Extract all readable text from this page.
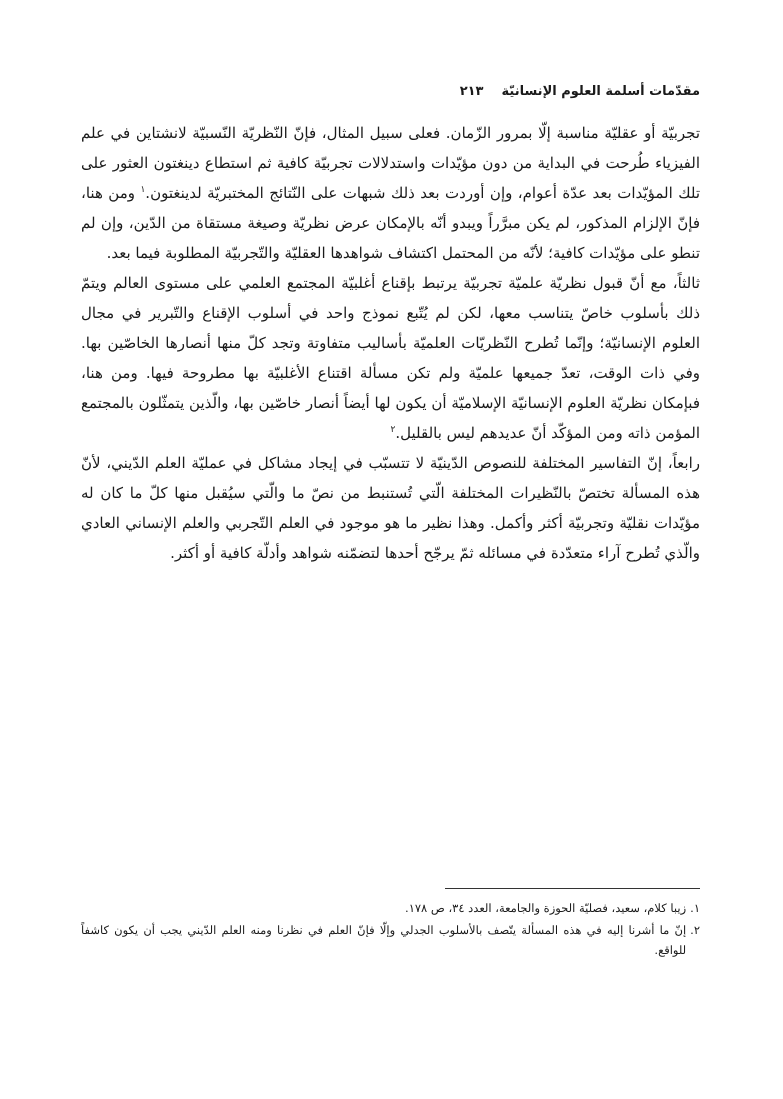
مقدّمات أسلمة العلوم الإنسانيّة
٢١٣

تجربيّة أو عقليّة مناسبة إلّا بمرور الزّمان. فعلى سبيل المثال، فإنّ النّظريّة النّسبيّة لانشتاين في علم الفيزياء طُرحت في البداية من دون مؤيّدات واستدلالات تجربيّة كافية ثم استطاع دينغتون العثور على تلك المؤيّدات بعد عدّة أعوام، وإن أوردت بعد ذلك شبهات على النّتائج المختبريّة لدينغتون.$^١$ ومن هنا، فإنّ الإلزام المذكور، لم يكن مبرَّراً ويبدو أنّه بالإمكان عرض نظريّة وصيغة مستقاة من الدّين، وإن لم تنطو على مؤيّدات كافية؛ لأنّه من المحتمل اكتشاف شواهدها العقليّة والتّجربيّة المطلوبة فيما بعد.

ثالثاً، مع أنّ قبول نظريّة علميّة تجربيّة يرتبط بإقناع أغلبيّة المجتمع العلمي على مستوى العالم ويتمّ ذلك بأسلوب خاصّ يتناسب معها، لكن لم يُتّبع نموذج واحد في أسلوب الإقناع والتّبرير في مجال العلوم الإنسانيّة؛ وإنّما تُطرح النّظريّات العلميّة بأساليب متفاوتة وتجد كلّ منها أنصارها الخاصّين بها. وفي ذات الوقت، تعدّ جميعها علميّة ولم تكن مسألة اقتناع الأغلبيّة بها مطروحة فيها. ومن هنا، فبإمكان نظريّة العلوم الإنسانيّة الإسلاميّة أن يكون لها أيضاً أنصار خاصّين بها، والّذين يتمثّلون بالمجتمع المؤمن ذاته ومن المؤكّد أنّ عديدهم ليس بالقليل.$^٢$

رابعاً، إنّ التفاسير المختلفة للنصوص الدّينيّة لا تتسبّب في إيجاد مشاكل في عمليّة العلم الدّيني، لأنّ هذه المسألة تختصّ بالنّظيرات المختلفة الّتي تُستنبط من نصّ ما والّتي سيُقبل منها كلّ ما كان له مؤيّدات نقليّة وتجربيّة أكثر وأكمل. وهذا نظير ما هو موجود في العلم التّجربي والعلم الإنساني العادي والّذي تُطرح آراء متعدّدة في مسائله ثمّ يرجّح أحدها لتضمّنه شواهد وأدلّة كافية أو أكثر.

١.
زيبا كلام، سعيد، فصليّة الحوزة والجامعة، العدد ٣٤، ص ١٧٨.

٢.
إنّ ما أشرنا إليه في هذه المسألة يتّصف بالأسلوب الجدلي وإلّا فإنّ العلم في نظرنا ومنه العلم الدّيني يجب أن يكون كاشفاً للواقع.
